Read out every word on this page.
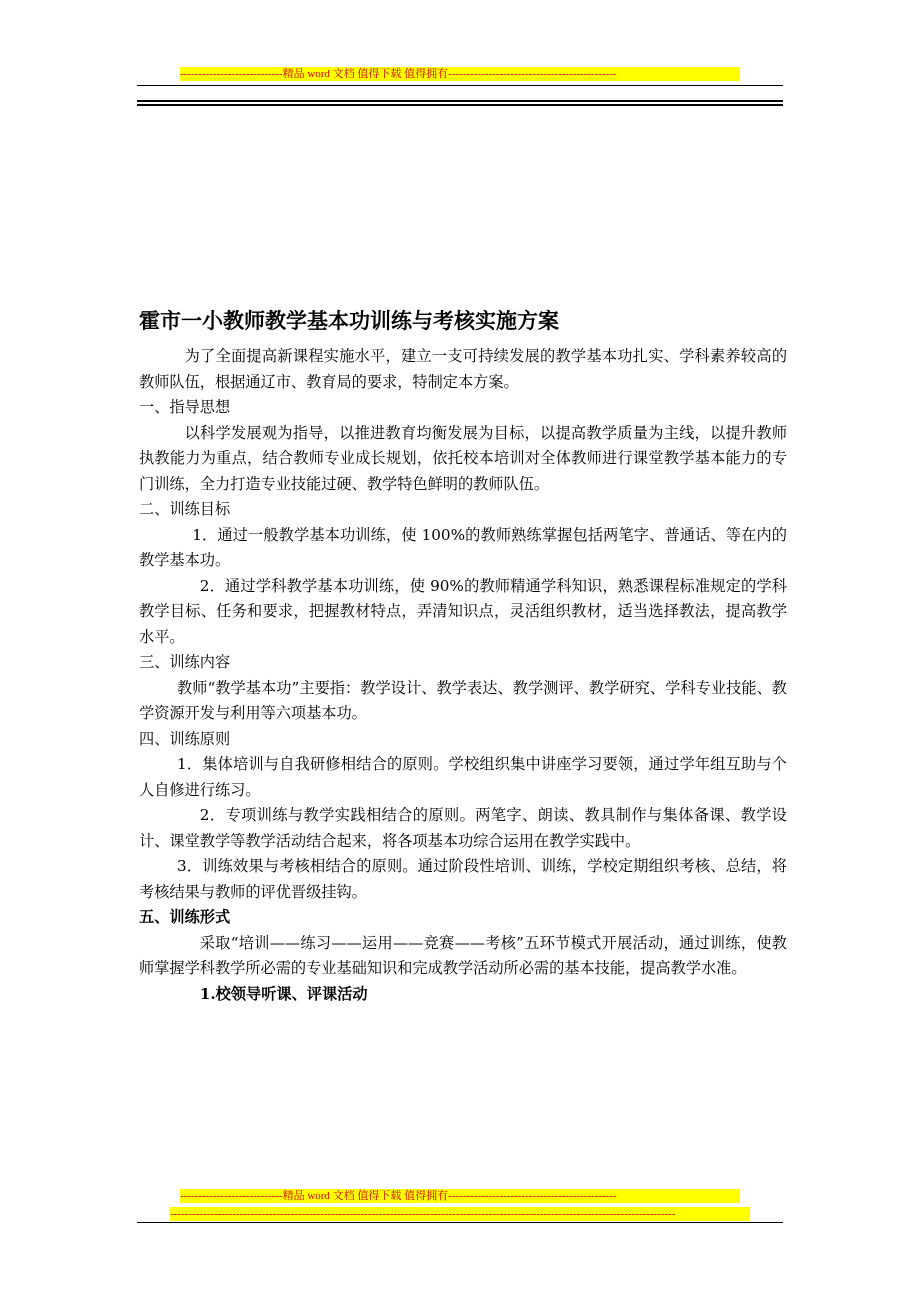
----------------------------精品 word 文档 值得下载 值得拥有----------------------------------------------
霍市一小教师教学基本功训练与考核实施方案

为了全面提高新课程实施水平，建立一支可持续发展的教学基本功扎实、学科素养较高的教师队伍，根据通辽市、教育局的要求，特制定本方案。

一、指导思想

以科学发展观为指导，以推进教育均衡发展为目标，以提高教学质量为主线，以提升教师执教能力为重点，结合教师专业成长规划，依托校本培训对全体教师进行课堂教学基本能力的专门训练，全力打造专业技能过硬、教学特色鲜明的教师队伍。

二、训练目标

1．通过一般教学基本功训练，使 100%的教师熟练掌握包括两笔字、普通话、等在内的教学基本功。

2．通过学科教学基本功训练，使 90%的教师精通学科知识，熟悉课程标准规定的学科教学目标、任务和要求，把握教材特点，弄清知识点，灵活组织教材，适当选择教法，提高教学水平。

三、训练内容

教师“教学基本功”主要指：教学设计、教学表达、教学测评、教学研究、学科专业技能、教学资源开发与利用等六项基本功。

四、训练原则

1．集体培训与自我研修相结合的原则。学校组织集中讲座学习要领，通过学年组互助与个人自修进行练习。

2．专项训练与教学实践相结合的原则。两笔字、朗读、教具制作与集体备课、教学设计、课堂教学等教学活动结合起来，将各项基本功综合运用在教学实践中。

3．训练效果与考核相结合的原则。通过阶段性培训、训练，学校定期组织考核、总结，将考核结果与教师的评优晋级挂钩。

五、训练形式

采取“培训——练习——运用——竞赛——考核”五环节模式开展活动，通过训练，使教师掌握学科教学所必需的专业基础知识和完成教学活动所必需的基本技能，提高教学水准。

1.校领导听课、评课活动

----------------------------精品 word 文档 值得下载 值得拥有----------------------------------------------
------------------------------------------------------------------------------------------------------------------------------------------
